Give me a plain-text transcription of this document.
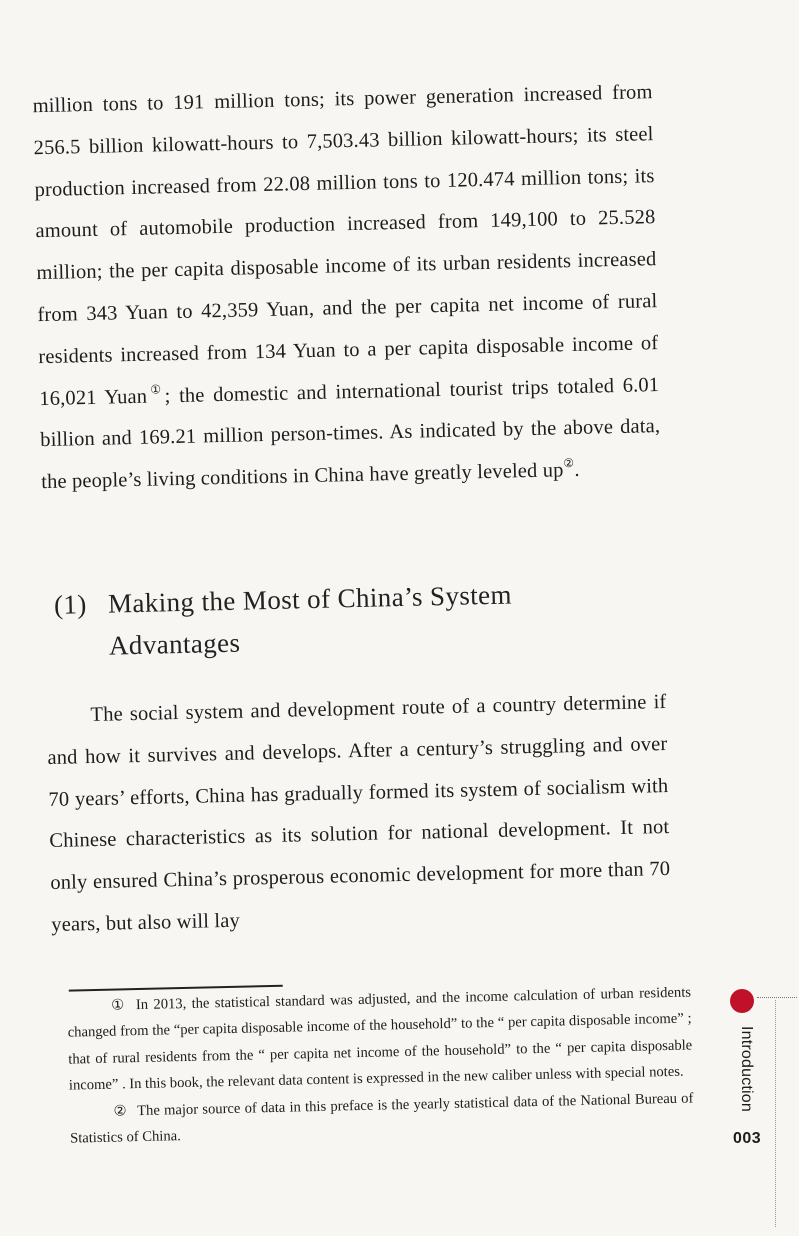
million tons to 191 million tons; its power generation increased from 256.5 billion kilowatt-hours to 7,503.43 billion kilowatt-hours; its steel production increased from 22.08 million tons to 120.474 million tons; its amount of automobile production increased from 149,100 to 25.528 million; the per capita disposable income of its urban residents increased from 343 Yuan to 42,359 Yuan, and the per capita net income of rural residents increased from 134 Yuan to a per capita disposable income of 16,021 Yuan①; the domestic and international tourist trips totaled 6.01 billion and 169.21 million person-times. As indicated by the above data, the people’s living conditions in China have greatly leveled up②.

(1) Making the Most of China’s System
Advantages

The social system and development route of a country determine if and how it survives and develops. After a century’s struggling and over 70 years’ efforts, China has gradually formed its system of socialism with Chinese characteristics as its solution for national development. It not only ensured China’s prosperous economic development for more than 70 years, but also will lay

① In 2013, the statistical standard was adjusted, and the income calculation of urban residents changed from the “per capita disposable income of the household” to the “ per capita disposable income” ; that of rural residents from the “ per capita net income of the household” to the “ per capita disposable income” . In this book, the relevant data content is expressed in the new caliber unless with special notes.

② The major source of data in this preface is the yearly statistical data of the National Bureau of Statistics of China.

Introduction
003
